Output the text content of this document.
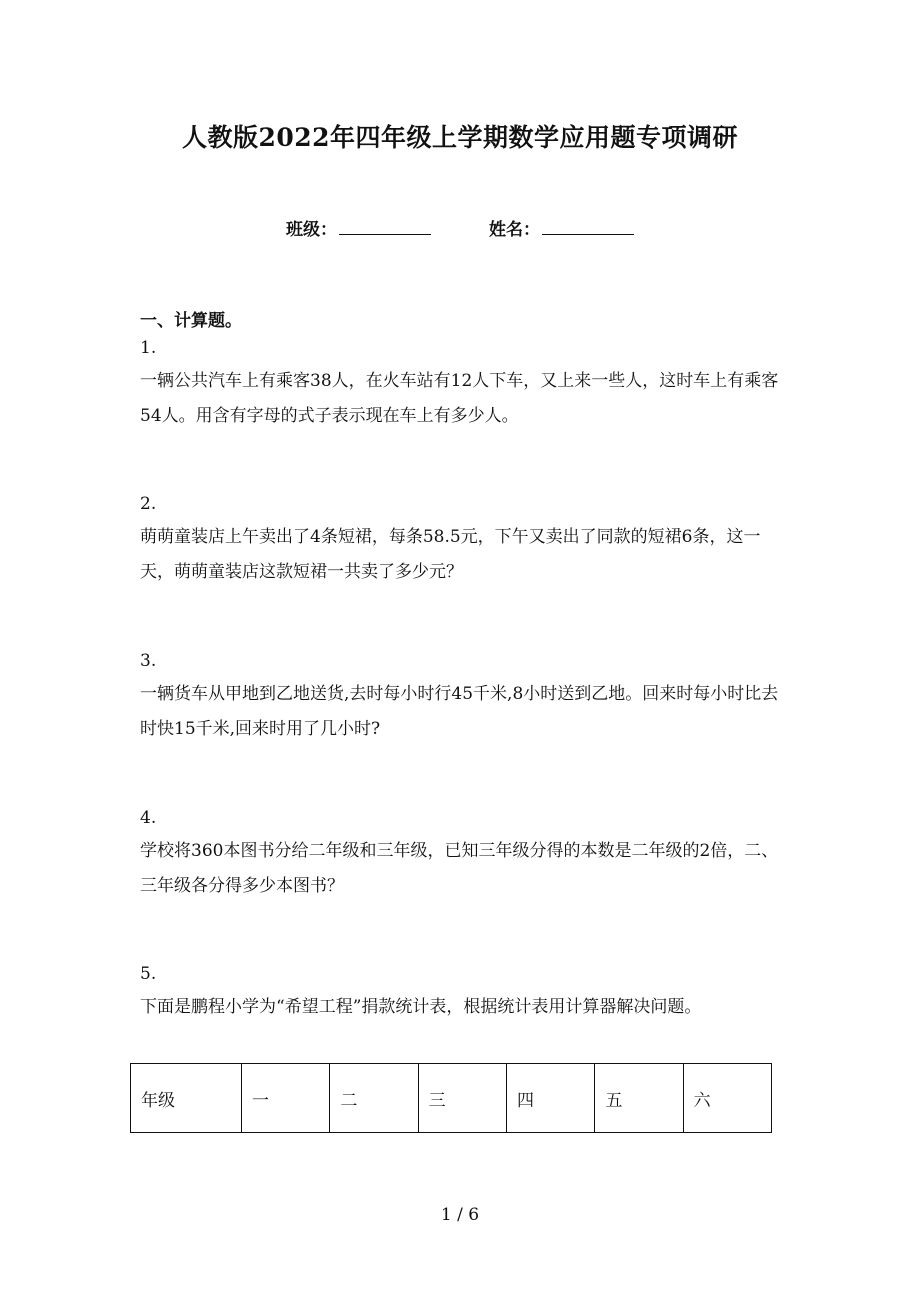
人教版2022年四年级上学期数学应用题专项调研
班级：	姓名：
一、计算题。
1.
一辆公共汽车上有乘客38人，在火车站有12人下车，又上来一些人，这时车上有乘客54人。用含有字母的式子表示现在车上有多少人。
2.
萌萌童装店上午卖出了4条短裙，每条58.5元，下午又卖出了同款的短裙6条，这一天，萌萌童装店这款短裙一共卖了多少元？
3.
一辆货车从甲地到乙地送货,去时每小时行45千米,8小时送到乙地。回来时每小时比去时快15千米,回来时用了几小时?
4.
学校将360本图书分给二年级和三年级，已知三年级分得的本数是二年级的2倍，二、三年级各分得多少本图书？
5.
下面是鹏程小学为“希望工程”捐款统计表，根据统计表用计算器解决问题。
年级	一	二	三	四	五	六
1 / 6
